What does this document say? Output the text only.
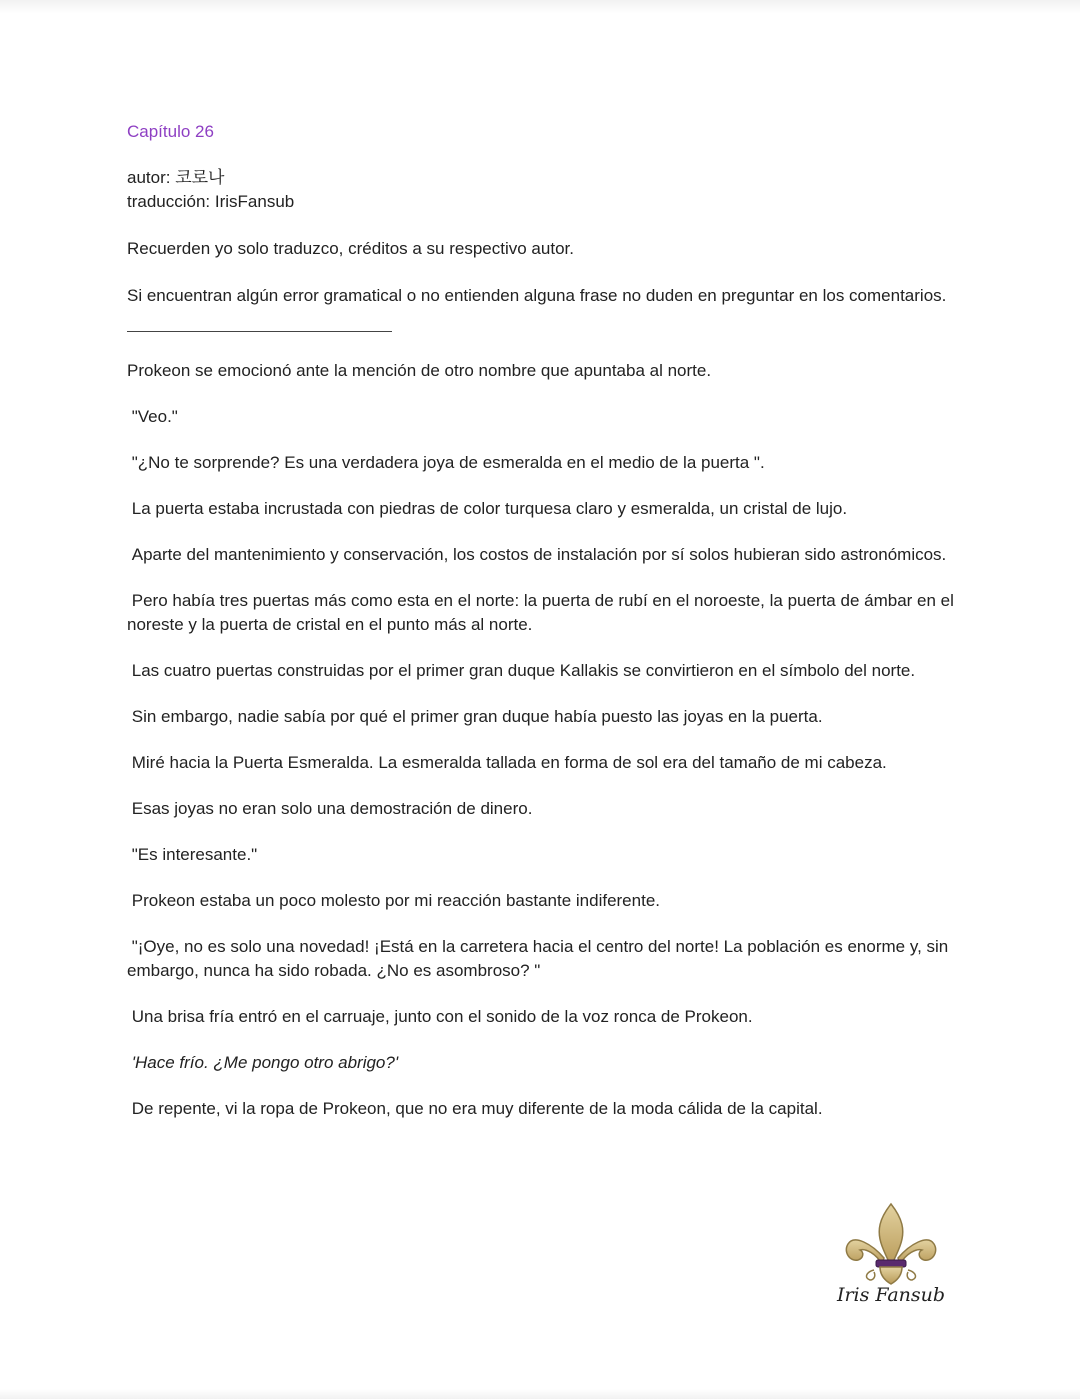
Capítulo 26

autor: 코로나

traducción: IrisFansub

Recuerden yo solo traduzco, créditos a su respectivo autor.

Si encuentran algún error gramatical o no entienden alguna frase no duden en preguntar en los comentarios.

Prokeon se emocionó ante la mención de otro nombre que apuntaba al norte.

"Veo."

"¿No te sorprende? Es una verdadera joya de esmeralda en el medio de la puerta ".

La puerta estaba incrustada con piedras de color turquesa claro y esmeralda, un cristal de lujo.

Aparte del mantenimiento y conservación, los costos de instalación por sí solos hubieran sido astronómicos.

Pero había tres puertas más como esta en el norte: la puerta de rubí en el noroeste, la puerta de ámbar en el noreste y la puerta de cristal en el punto más al norte.

Las cuatro puertas construidas por el primer gran duque Kallakis se convirtieron en el símbolo del norte.

Sin embargo, nadie sabía por qué el primer gran duque había puesto las joyas en la puerta.

Miré hacia la Puerta Esmeralda. La esmeralda tallada en forma de sol era del tamaño de mi cabeza.

Esas joyas no eran solo una demostración de dinero.

"Es interesante."

Prokeon estaba un poco molesto por mi reacción bastante indiferente.

"¡Oye, no es solo una novedad! ¡Está en la carretera hacia el centro del norte! La población es enorme y, sin embargo, nunca ha sido robada. ¿No es asombroso? "

Una brisa fría entró en el carruaje, junto con el sonido de la voz ronca de Prokeon.

'Hace frío. ¿Me pongo otro abrigo?'

De repente, vi la ropa de Prokeon, que no era muy diferente de la moda cálida de la capital.

Iris Fansub
